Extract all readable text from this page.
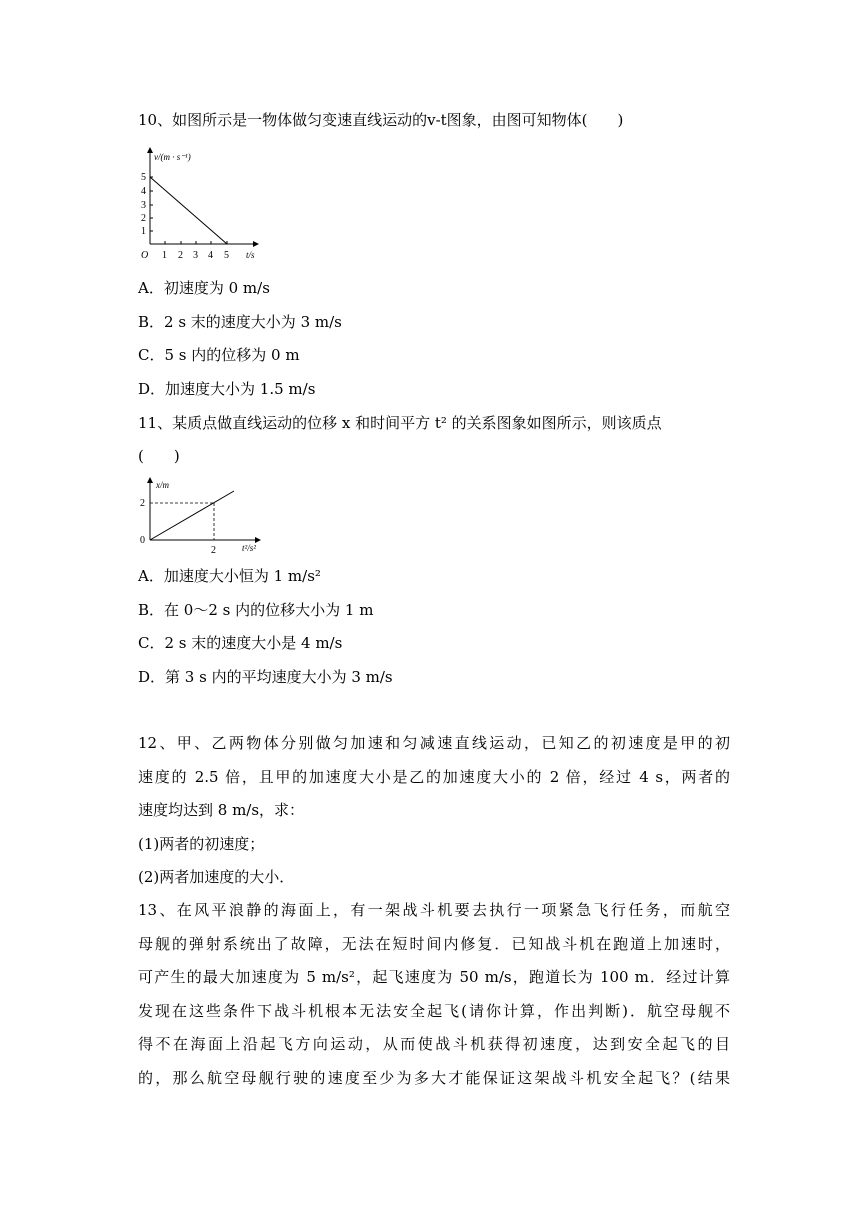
10、如图所示是一物体做匀变速直线运动的v-t图象，由图可知物体(　　)
v/(m · s⁻¹)
5
4
3
2
1
O 1 2 3 4 5 t/s
A．初速度为 0 m/s
B．2 s 末的速度大小为 3 m/s
C．5 s 内的位移为 0 m
D．加速度大小为 1.5 m/s
11、某质点做直线运动的位移 x 和时间平方 t² 的关系图象如图所示，则该质点
(　　)
x/m
2
0
2	t²/s²
A．加速度大小恒为 1 m/s²
B．在 0～2 s 内的位移大小为 1 m
C．2 s 末的速度大小是 4 m/s
D．第 3 s 内的平均速度大小为 3 m/s
12、甲、乙两物体分别做匀加速和匀减速直线运动，已知乙的初速度是甲的初
速度的 2.5 倍，且甲的加速度大小是乙的加速度大小的 2 倍，经过 4 s，两者的
速度均达到 8 m/s，求：
(1)两者的初速度；
(2)两者加速度的大小．
13、在风平浪静的海面上，有一架战斗机要去执行一项紧急飞行任务，而航空
母舰的弹射系统出了故障，无法在短时间内修复．已知战斗机在跑道上加速时，
可产生的最大加速度为 5 m/s²，起飞速度为 50 m/s，跑道长为 100 m．经过计算
发现在这些条件下战斗机根本无法安全起飞(请你计算，作出判断)．航空母舰不
得不在海面上沿起飞方向运动，从而使战斗机获得初速度，达到安全起飞的目
的，那么航空母舰行驶的速度至少为多大才能保证这架战斗机安全起飞？(结果
